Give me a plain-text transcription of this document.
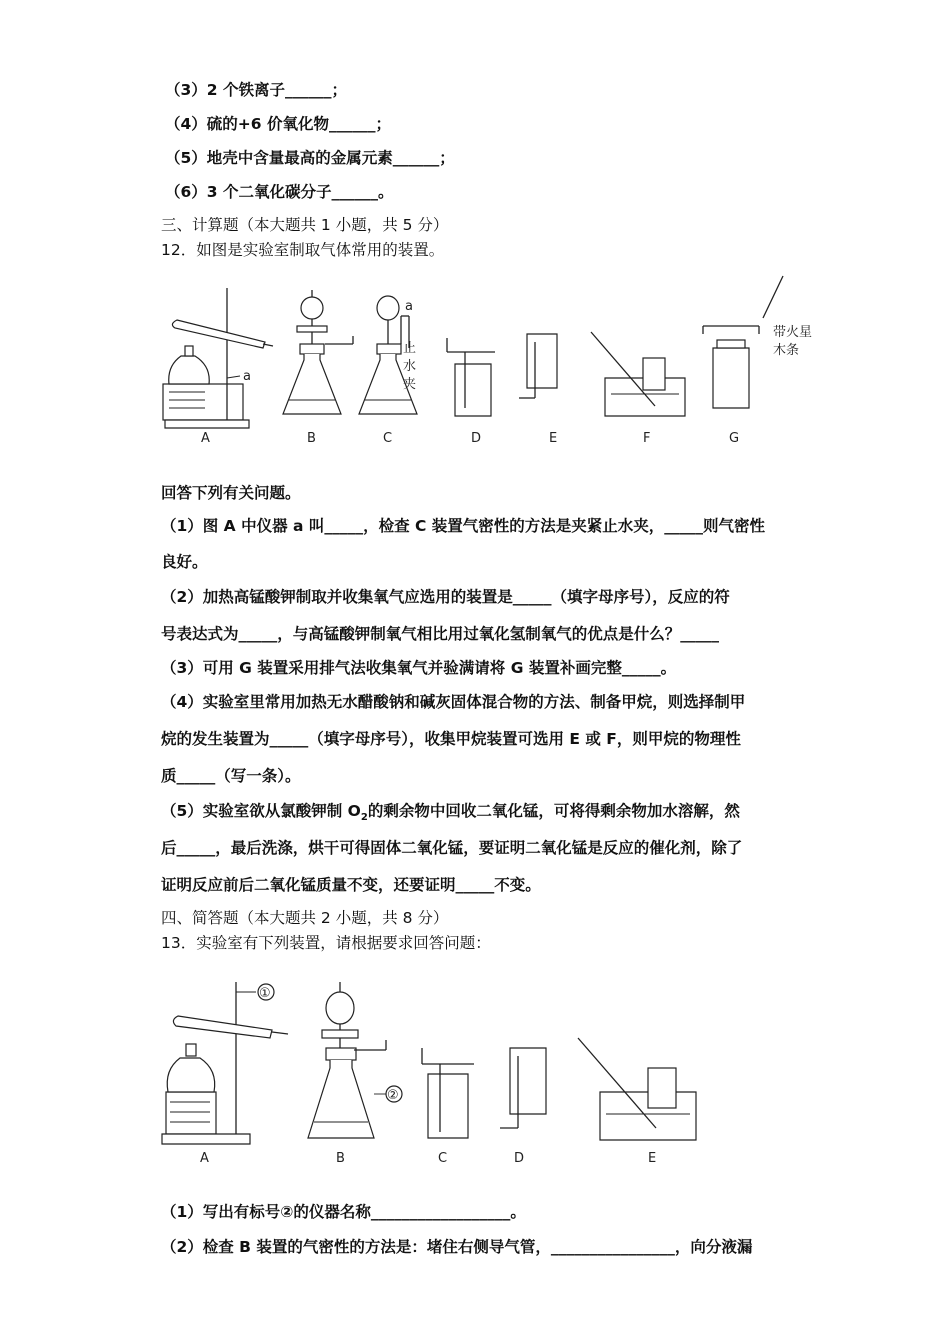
（3）2 个铁离子______；
（4）硫的+6 价氧化物______；
（5）地壳中含量最高的金属元素______；
（6）3 个二氧化碳分子______。
三、计算题（本大题共 1 小题，共 5 分）
12．如图是实验室制取气体常用的装置。
a
A	B
a
止水夹
C	D	E	F
带火星木条
G
回答下列有关问题。
（1）图 A 中仪器 a 叫_____，检查 C 装置气密性的方法是夹紧止水夹，_____则气密性
良好。
（2）加热高锰酸钾制取并收集氧气应选用的装置是_____（填字母序号），反应的符
号表达式为_____，与高锰酸钾制氧气相比用过氧化氢制氧气的优点是什么？_____
（3）可用 G 装置采用排气法收集氧气并验满请将 G 装置补画完整_____。
（4）实验室里常用加热无水醋酸钠和碱灰固体混合物的方法、制备甲烷，则选择制甲
烷的发生装置为_____（填字母序号），收集甲烷装置可选用 E 或 F，则甲烷的物理性
质_____（写一条）。
（5）实验室欲从氯酸钾制 $O_2$的剩余物中回收二氧化锰，可将得剩余物加水溶解，然
后_____，最后洗涤，烘干可得固体二氧化锰，要证明二氧化锰是反应的催化剂，除了
证明反应前后二氧化锰质量不变，还要证明_____不变。
四、简答题（本大题共 2 小题，共 8 分）
13．实验室有下列装置，请根据要求回答问题：
①
A
②
B	C	D	E
（1）写出有标号②的仪器名称__________________。
（2）检查 B 装置的气密性的方法是：堵住右侧导气管，________________，向分液漏
